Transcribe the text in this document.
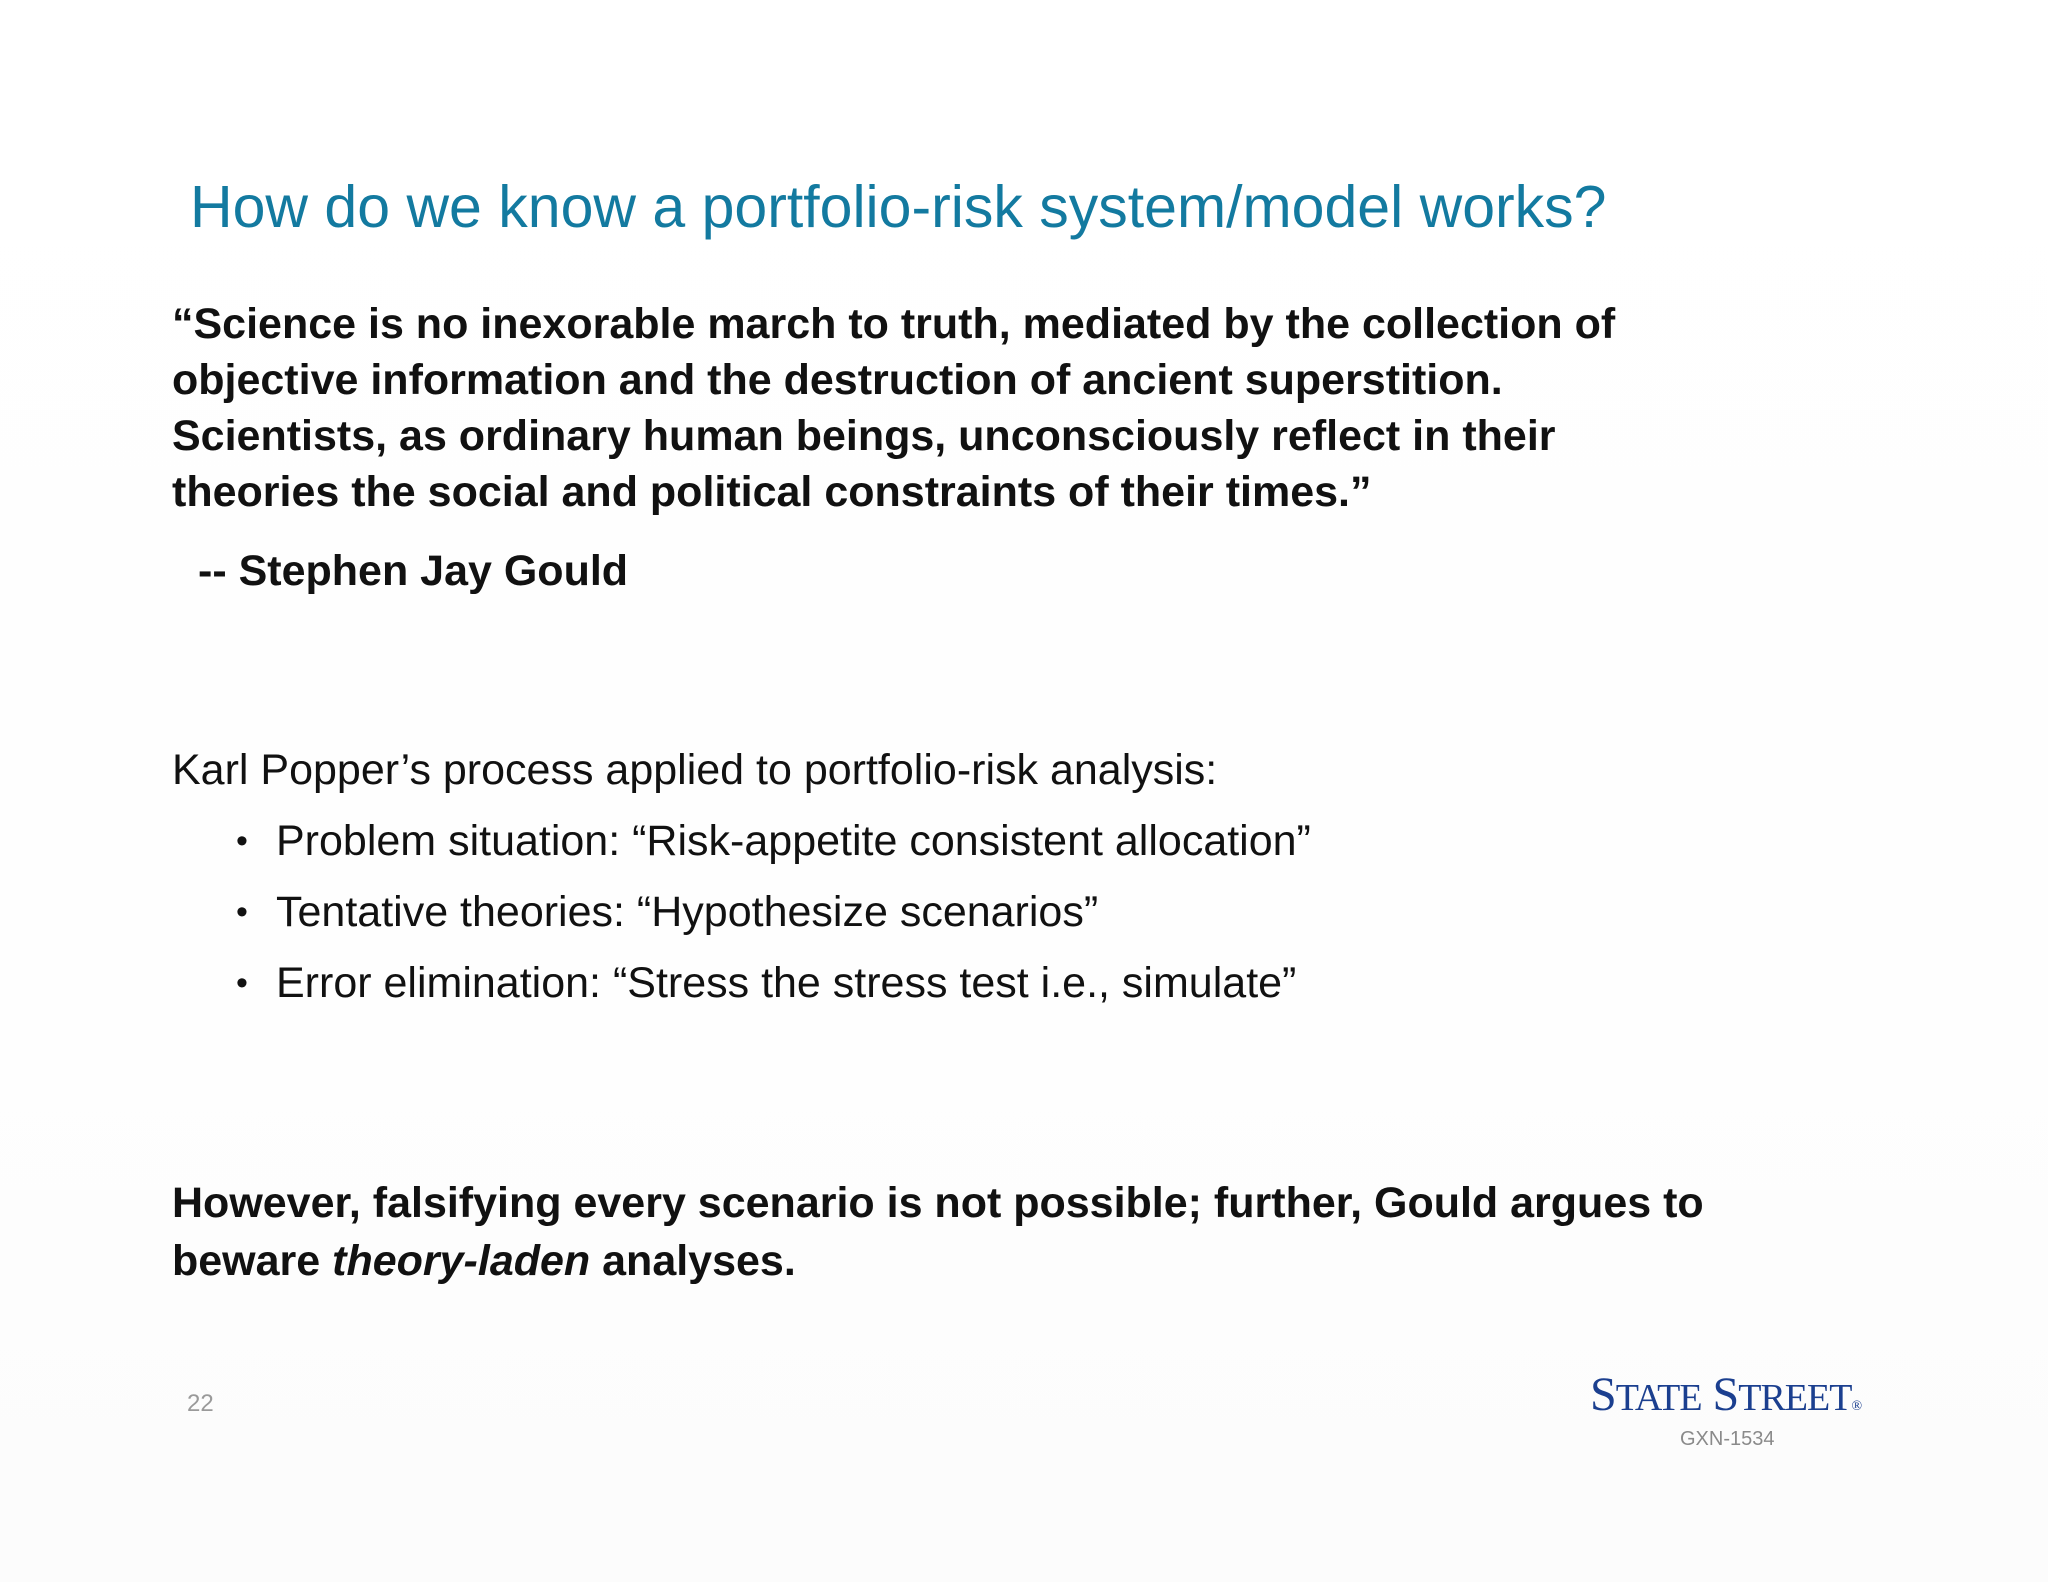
How do we know a portfolio-risk system/model works?

“Science is no inexorable march to truth, mediated by the collection of
objective information and the destruction of ancient superstition.
Scientists, as ordinary human beings, unconsciously reflect in their
theories the social and political constraints of their times.”

-- Stephen Jay Gould

Karl Popper’s process applied to portfolio-risk analysis:

• Problem situation: “Risk-appetite consistent allocation”
• Tentative theories: “Hypothesize scenarios”
• Error elimination: “Stress the stress test i.e., simulate”

However, falsifying every scenario is not possible; further, Gould argues to
beware theory-laden analyses.

22	STATE STREET®
GXN-1534
